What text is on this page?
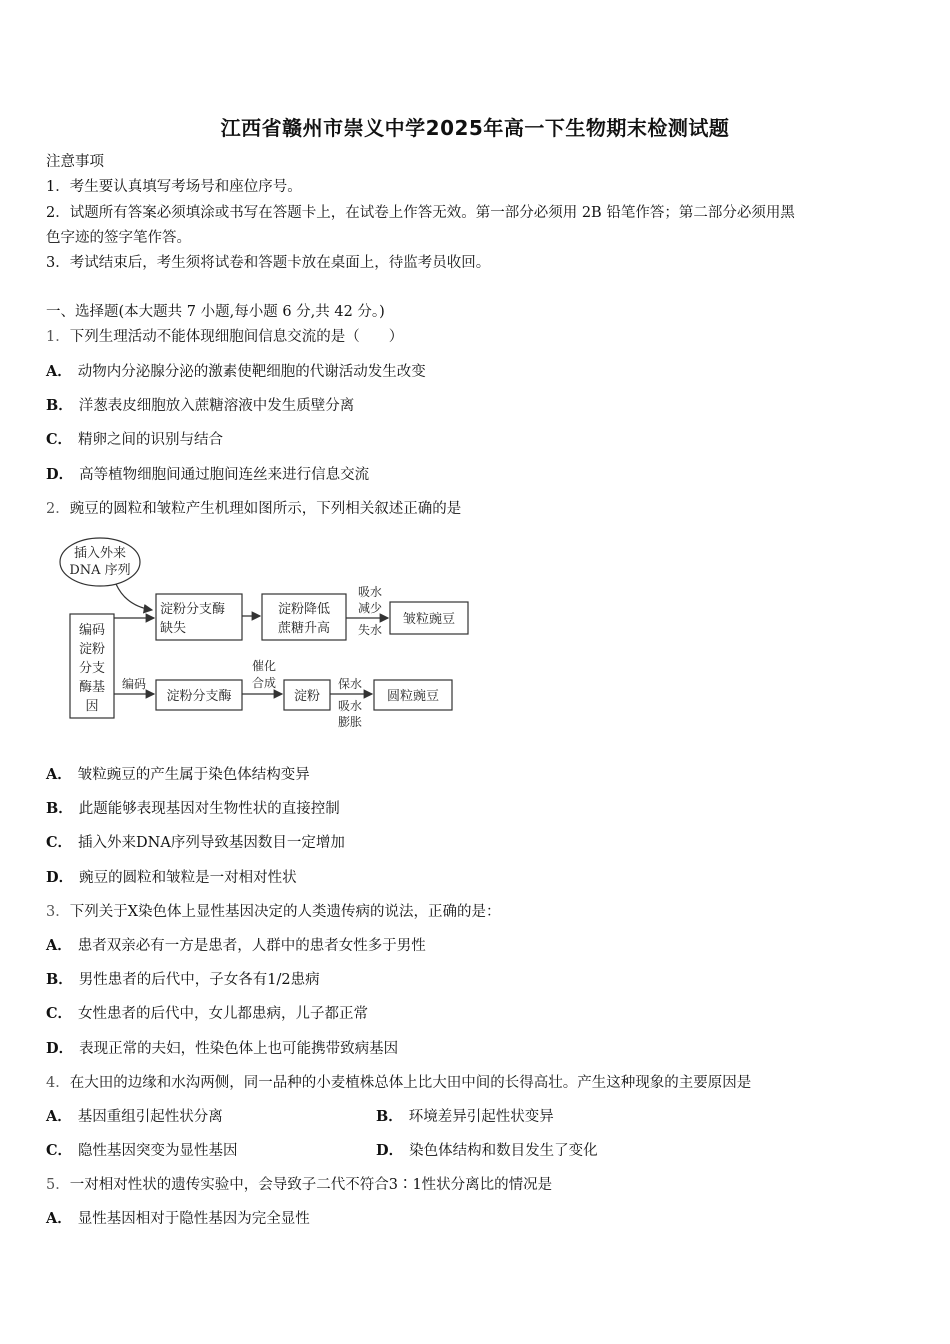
江西省赣州市崇义中学2025年高一下生物期末检测试题
注意事项
1．考生要认真填写考场号和座位序号。
2．试题所有答案必须填涂或书写在答题卡上，在试卷上作答无效。第一部分必须用 2B 铅笔作答；第二部分必须用黑
色字迹的签字笔作答。
3．考试结束后，考生须将试卷和答题卡放在桌面上，待监考员收回。
一、选择题(本大题共 7 小题,每小题 6 分,共 42 分。)
1．下列生理活动不能体现细胞间信息交流的是（　　）
A． 动物内分泌腺分泌的激素使靶细胞的代谢活动发生改变
B． 洋葱表皮细胞放入蔗糖溶液中发生质壁分离
C． 精卵之间的识别与结合
D． 高等植物细胞间通过胞间连丝来进行信息交流
2．豌豆的圆粒和皱粒产生机理如图所示，下列相关叙述正确的是
插入外来
DNA 序列
编码
淀粉
分支
酶基
因
淀粉分支酶
缺失
淀粉降低
蔗糖升高
吸水
减少
失水
皱粒豌豆
编码
淀粉分支酶
催化
合成
淀粉
保水
吸水
膨胀
圆粒豌豆
A． 皱粒豌豆的产生属于染色体结构变异
B． 此题能够表现基因对生物性状的直接控制
C． 插入外来DNA序列导致基因数目一定增加
D． 豌豆的圆粒和皱粒是一对相对性状
3．下列关于X染色体上显性基因决定的人类遗传病的说法，正确的是：
A． 患者双亲必有一方是患者，人群中的患者女性多于男性
B． 男性患者的后代中，子女各有1/2患病
C． 女性患者的后代中，女儿都患病，儿子都正常
D． 表现正常的夫妇，性染色体上也可能携带致病基因
4．在大田的边缘和水沟两侧，同一品种的小麦植株总体上比大田中间的长得高壮。产生这种现象的主要原因是
A． 基因重组引起性状分离	B． 环境差异引起性状变异
C． 隐性基因突变为显性基因	D． 染色体结构和数目发生了变化
5．一对相对性状的遗传实验中，会导致子二代不符合3∶1性状分离比的情况是
A． 显性基因相对于隐性基因为完全显性
